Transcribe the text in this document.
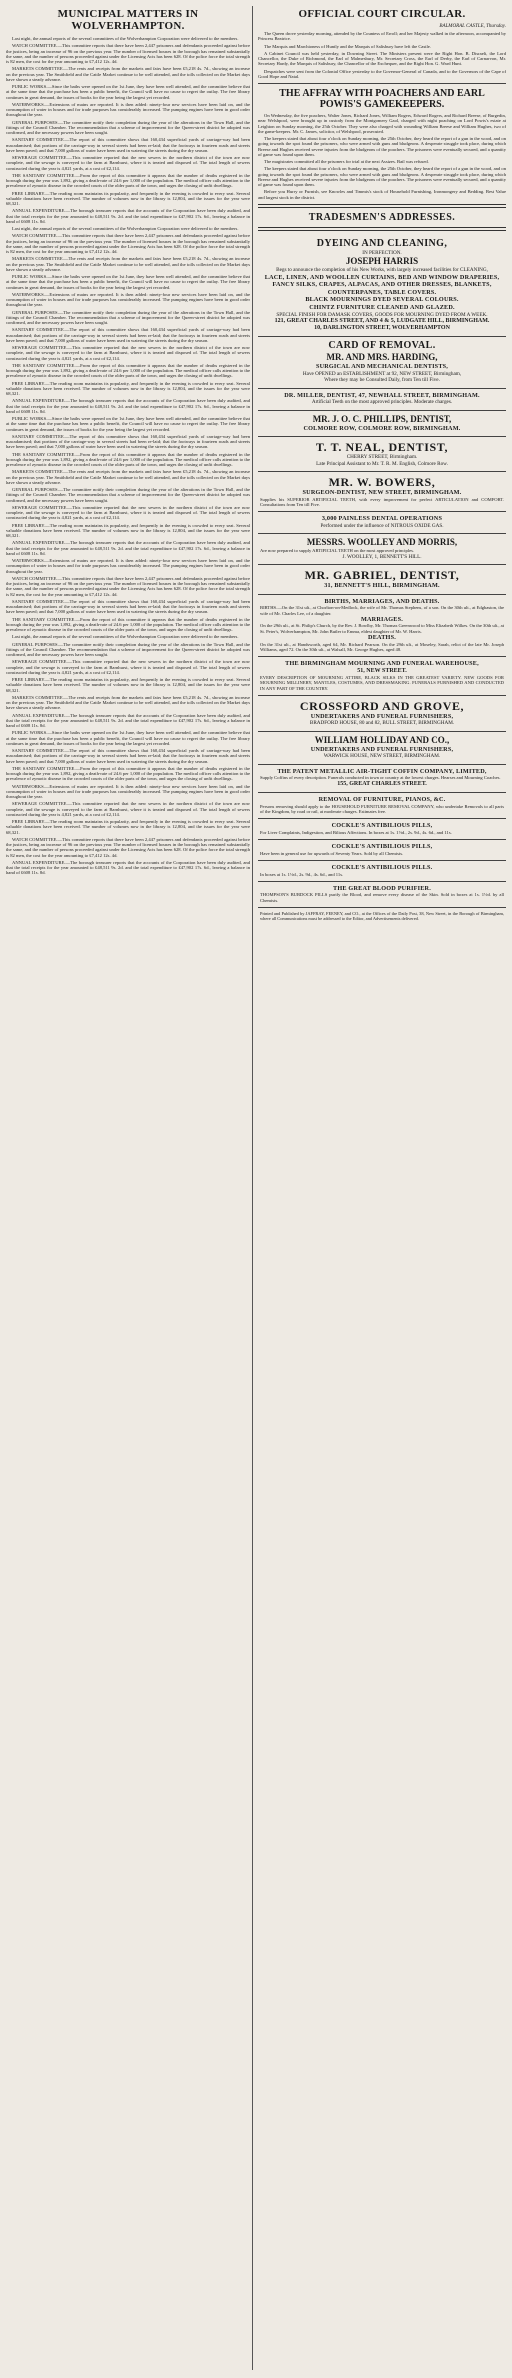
MUNICIPAL MATTERS IN WOLVERHAMPTON.

Last night, the annual reports of the several committees of the Wolverhampton Corporation were delivered to the members.

WATCH COMMITTEE.—This committee reports that there have been 2,447 prisoners and defendants proceeded against before the justices, being an increase of 96 on the previous year. The number of licensed houses in the borough has remained substantially the same, and the number of persons proceeded against under the Licensing Acts has been 628. Of the police force the total strength is 82 men, the cost for the year amounting to £7,412 12s. 4d.

MARKETS COMMITTEE.—The rents and receipts from the markets and fairs have been £5,218 4s. 7d., showing an increase on the previous year. The Smithfield and the Cattle Market continue to be well attended, and the tolls collected on the Market days have shown a steady advance.

PUBLIC WORKS.—Since the baths were opened on the 1st June, they have been well attended, and the committee believe that at the same time that the purchase has been a public benefit, the Council will have no cause to regret the outlay. The free library continues in great demand, the issues of books for the year being the largest yet recorded.

WATERWORKS.—Extensions of mains are reported. It is then added: ninety-four new services have been laid on, and the consumption of water in houses and for trade purposes has considerably increased. The pumping engines have been in good order throughout the year.

GENERAL PURPOSES.—The committee notify their completion during the year of the alterations in the Town Hall, and the fittings of the Council Chamber. The recommendation that a scheme of improvement for the Queen-street district be adopted was confirmed, and the necessary powers have been sought.

SANITARY COMMITTEE.—The report of this committee shows that 160,434 superficial yards of carriage-way had been macadamised; that portions of the carriage-way in several streets had been re-laid; that the footways in fourteen roads and streets have been paved; and that 7,000 gallons of water have been used in watering the streets during the dry season.

SEWERAGE COMMITTEE.—This committee reported that the new sewers in the northern district of the town are now complete, and the sewage is conveyed to the farm at Barnhurst, where it is treated and disposed of. The total length of sewers constructed during the year is 4,821 yards, at a cost of £2,114.

THE SANITARY COMMITTEE.—From the report of this committee it appears that the number of deaths registered in the borough during the year was 1,892, giving a death-rate of 24.6 per 1,000 of the population. The medical officer calls attention to the prevalence of zymotic disease in the crowded courts of the older parts of the town, and urges the closing of unfit dwellings.

FREE LIBRARY.—The reading room maintains its popularity, and frequently in the evening is crowded to every seat. Several valuable donations have been received. The number of volumes now in the library is 12,804, and the issues for the year were 68,321.

ANNUAL EXPENDITURE.—The borough treasurer reports that the accounts of the Corporation have been duly audited, and that the total receipts for the year amounted to £48,511 9s. 2d. and the total expenditure to £47,902 17s. 6d., leaving a balance in hand of £608 11s. 8d.

Last night, the annual reports of the several committees of the Wolverhampton Corporation were delivered to the members.

WATCH COMMITTEE.—This committee reports that there have been 2,447 prisoners and defendants proceeded against before the justices, being an increase of 96 on the previous year. The number of licensed houses in the borough has remained substantially the same, and the number of persons proceeded against under the Licensing Acts has been 628. Of the police force the total strength is 82 men, the cost for the year amounting to £7,412 12s. 4d.

MARKETS COMMITTEE.—The rents and receipts from the markets and fairs have been £5,218 4s. 7d., showing an increase on the previous year. The Smithfield and the Cattle Market continue to be well attended, and the tolls collected on the Market days have shown a steady advance.

PUBLIC WORKS.—Since the baths were opened on the 1st June, they have been well attended, and the committee believe that at the same time that the purchase has been a public benefit, the Council will have no cause to regret the outlay. The free library continues in great demand, the issues of books for the year being the largest yet recorded.

WATERWORKS.—Extensions of mains are reported. It is then added: ninety-four new services have been laid on, and the consumption of water in houses and for trade purposes has considerably increased. The pumping engines have been in good order throughout the year.

GENERAL PURPOSES.—The committee notify their completion during the year of the alterations in the Town Hall, and the fittings of the Council Chamber. The recommendation that a scheme of improvement for the Queen-street district be adopted was confirmed, and the necessary powers have been sought.

SANITARY COMMITTEE.—The report of this committee shows that 160,434 superficial yards of carriage-way had been macadamised; that portions of the carriage-way in several streets had been re-laid; that the footways in fourteen roads and streets have been paved; and that 7,000 gallons of water have been used in watering the streets during the dry season.

SEWERAGE COMMITTEE.—This committee reported that the new sewers in the northern district of the town are now complete, and the sewage is conveyed to the farm at Barnhurst, where it is treated and disposed of. The total length of sewers constructed during the year is 4,821 yards, at a cost of £2,114.

THE SANITARY COMMITTEE.—From the report of this committee it appears that the number of deaths registered in the borough during the year was 1,892, giving a death-rate of 24.6 per 1,000 of the population. The medical officer calls attention to the prevalence of zymotic disease in the crowded courts of the older parts of the town, and urges the closing of unfit dwellings.

FREE LIBRARY.—The reading room maintains its popularity, and frequently in the evening is crowded to every seat. Several valuable donations have been received. The number of volumes now in the library is 12,804, and the issues for the year were 68,321.

ANNUAL EXPENDITURE.—The borough treasurer reports that the accounts of the Corporation have been duly audited, and that the total receipts for the year amounted to £48,511 9s. 2d. and the total expenditure to £47,902 17s. 6d., leaving a balance in hand of £608 11s. 8d.

PUBLIC WORKS.—Since the baths were opened on the 1st June, they have been well attended, and the committee believe that at the same time that the purchase has been a public benefit, the Council will have no cause to regret the outlay. The free library continues in great demand, the issues of books for the year being the largest yet recorded.

SANITARY COMMITTEE.—The report of this committee shows that 160,434 superficial yards of carriage-way had been macadamised; that portions of the carriage-way in several streets had been re-laid; that the footways in fourteen roads and streets have been paved; and that 7,000 gallons of water have been used in watering the streets during the dry season.

THE SANITARY COMMITTEE.—From the report of this committee it appears that the number of deaths registered in the borough during the year was 1,892, giving a death-rate of 24.6 per 1,000 of the population. The medical officer calls attention to the prevalence of zymotic disease in the crowded courts of the older parts of the town, and urges the closing of unfit dwellings.

MARKETS COMMITTEE.—The rents and receipts from the markets and fairs have been £5,218 4s. 7d., showing an increase on the previous year. The Smithfield and the Cattle Market continue to be well attended, and the tolls collected on the Market days have shown a steady advance.

GENERAL PURPOSES.—The committee notify their completion during the year of the alterations in the Town Hall, and the fittings of the Council Chamber. The recommendation that a scheme of improvement for the Queen-street district be adopted was confirmed, and the necessary powers have been sought.

SEWERAGE COMMITTEE.—This committee reported that the new sewers in the northern district of the town are now complete, and the sewage is conveyed to the farm at Barnhurst, where it is treated and disposed of. The total length of sewers constructed during the year is 4,821 yards, at a cost of £2,114.

FREE LIBRARY.—The reading room maintains its popularity, and frequently in the evening is crowded to every seat. Several valuable donations have been received. The number of volumes now in the library is 12,804, and the issues for the year were 68,321.

ANNUAL EXPENDITURE.—The borough treasurer reports that the accounts of the Corporation have been duly audited, and that the total receipts for the year amounted to £48,511 9s. 2d. and the total expenditure to £47,902 17s. 6d., leaving a balance in hand of £608 11s. 8d.

WATERWORKS.—Extensions of mains are reported. It is then added: ninety-four new services have been laid on, and the consumption of water in houses and for trade purposes has considerably increased. The pumping engines have been in good order throughout the year.

WATCH COMMITTEE.—This committee reports that there have been 2,447 prisoners and defendants proceeded against before the justices, being an increase of 96 on the previous year. The number of licensed houses in the borough has remained substantially the same, and the number of persons proceeded against under the Licensing Acts has been 628. Of the police force the total strength is 82 men, the cost for the year amounting to £7,412 12s. 4d.

SANITARY COMMITTEE.—The report of this committee shows that 160,434 superficial yards of carriage-way had been macadamised; that portions of the carriage-way in several streets had been re-laid; that the footways in fourteen roads and streets have been paved; and that 7,000 gallons of water have been used in watering the streets during the dry season.

THE SANITARY COMMITTEE.—From the report of this committee it appears that the number of deaths registered in the borough during the year was 1,892, giving a death-rate of 24.6 per 1,000 of the population. The medical officer calls attention to the prevalence of zymotic disease in the crowded courts of the older parts of the town, and urges the closing of unfit dwellings.

Last night, the annual reports of the several committees of the Wolverhampton Corporation were delivered to the members.

GENERAL PURPOSES.—The committee notify their completion during the year of the alterations in the Town Hall, and the fittings of the Council Chamber. The recommendation that a scheme of improvement for the Queen-street district be adopted was confirmed, and the necessary powers have been sought.

SEWERAGE COMMITTEE.—This committee reported that the new sewers in the northern district of the town are now complete, and the sewage is conveyed to the farm at Barnhurst, where it is treated and disposed of. The total length of sewers constructed during the year is 4,821 yards, at a cost of £2,114.

FREE LIBRARY.—The reading room maintains its popularity, and frequently in the evening is crowded to every seat. Several valuable donations have been received. The number of volumes now in the library is 12,804, and the issues for the year were 68,321.

MARKETS COMMITTEE.—The rents and receipts from the markets and fairs have been £5,218 4s. 7d., showing an increase on the previous year. The Smithfield and the Cattle Market continue to be well attended, and the tolls collected on the Market days have shown a steady advance.

ANNUAL EXPENDITURE.—The borough treasurer reports that the accounts of the Corporation have been duly audited, and that the total receipts for the year amounted to £48,511 9s. 2d. and the total expenditure to £47,902 17s. 6d., leaving a balance in hand of £608 11s. 8d.

PUBLIC WORKS.—Since the baths were opened on the 1st June, they have been well attended, and the committee believe that at the same time that the purchase has been a public benefit, the Council will have no cause to regret the outlay. The free library continues in great demand, the issues of books for the year being the largest yet recorded.

SANITARY COMMITTEE.—The report of this committee shows that 160,434 superficial yards of carriage-way had been macadamised; that portions of the carriage-way in several streets had been re-laid; that the footways in fourteen roads and streets have been paved; and that 7,000 gallons of water have been used in watering the streets during the dry season.

THE SANITARY COMMITTEE.—From the report of this committee it appears that the number of deaths registered in the borough during the year was 1,892, giving a death-rate of 24.6 per 1,000 of the population. The medical officer calls attention to the prevalence of zymotic disease in the crowded courts of the older parts of the town, and urges the closing of unfit dwellings.

WATERWORKS.—Extensions of mains are reported. It is then added: ninety-four new services have been laid on, and the consumption of water in houses and for trade purposes has considerably increased. The pumping engines have been in good order throughout the year.

SEWERAGE COMMITTEE.—This committee reported that the new sewers in the northern district of the town are now complete, and the sewage is conveyed to the farm at Barnhurst, where it is treated and disposed of. The total length of sewers constructed during the year is 4,821 yards, at a cost of £2,114.

FREE LIBRARY.—The reading room maintains its popularity, and frequently in the evening is crowded to every seat. Several valuable donations have been received. The number of volumes now in the library is 12,804, and the issues for the year were 68,321.

WATCH COMMITTEE.—This committee reports that there have been 2,447 prisoners and defendants proceeded against before the justices, being an increase of 96 on the previous year. The number of licensed houses in the borough has remained substantially the same, and the number of persons proceeded against under the Licensing Acts has been 628. Of the police force the total strength is 82 men, the cost for the year amounting to £7,412 12s. 4d.

ANNUAL EXPENDITURE.—The borough treasurer reports that the accounts of the Corporation have been duly audited, and that the total receipts for the year amounted to £48,511 9s. 2d. and the total expenditure to £47,902 17s. 6d., leaving a balance in hand of £608 11s. 8d.

OFFICIAL COURT CIRCULAR.
BALMORAL CASTLE, Thursday.

The Queen drove yesterday morning, attended by the Countess of Erroll; and her Majesty walked in the afternoon, accompanied by Princess Beatrice.

The Marquis and Marchioness of Huntly and the Marquis of Salisbury have left the Castle.

A Cabinet Council was held yesterday, in Downing Street. The Ministers present were the Right Hon. B. Disraeli, the Lord Chancellor, the Duke of Richmond, the Earl of Malmesbury, Mr. Secretary Cross, the Earl of Derby, the Earl of Carnarvon, Mr. Secretary Hardy, the Marquis of Salisbury, the Chancellor of the Exchequer, and the Right Hon. G. Ward Hunt.

Despatches were sent from the Colonial Office yesterday to the Governor-General of Canada, and to the Governors of the Cape of Good Hope and Natal.

THE AFFRAY WITH POACHERS AND EARL POWIS'S GAMEKEEPERS.

On Wednesday, the five poachers, Walter Jones, Richard Jones, William Rogers, Edward Rogers, and Richard Breese, of Burgedin, near Welshpool, were brought up in custody from the Montgomery Gaol, charged with night poaching on Lord Powis's estate at Leighton on Sunday morning, the 25th October. They were also charged with wounding William Breese and William Hughes, two of the game-keepers. Mr. C. James, solicitor, of Welshpool, prosecuted.

The keepers stated that about four o'clock on Sunday morning, the 25th October, they heard the report of a gun in the wood, and on going towards the spot found the prisoners, who were armed with guns and bludgeons. A desperate struggle took place, during which Breese and Hughes received severe injuries from the bludgeons of the poachers. The prisoners were eventually secured, and a quantity of game was found upon them.

The magistrates committed all the prisoners for trial at the next Assizes. Bail was refused.

The keepers stated that about four o'clock on Sunday morning, the 25th October, they heard the report of a gun in the wood, and on going towards the spot found the prisoners, who were armed with guns and bludgeons. A desperate struggle took place, during which Breese and Hughes received severe injuries from the bludgeons of the poachers. The prisoners were eventually secured, and a quantity of game was found upon them.

Before you Hurry or Furnish, see Knowles and Timmis's stock of Household Furnishing, Ironmongery and Bedding. Best Value and largest stock in the district.

TRADESMEN'S ADDRESSES.
DYEING AND CLEANING,
IN PERFECTION.
JOSEPH HARRIS
Begs to announce the completion of his New Works, with largely increased facilities for CLEANING,
LACE, LINEN, AND WOOLLEN CURTAINS, BED AND WINDOW DRAPERIES,
FANCY SILKS, CRAPES, ALPACAS, AND OTHER DRESSES, BLANKETS, COUNTERPANES, TABLE COVERS.
BLACK MOURNINGS DYED SEVERAL COLOURS.
CHINTZ FURNITURE CLEANED AND GLAZED.
SPECIAL FINISH FOR DAMASK COVERS, GOODS FOR MOURNING DYED FROM A WEEK.
121, GREAT CHARLES STREET, AND 4 & 5, LUDGATE HILL, BIRMINGHAM.
10, DARLINGTON STREET, WOLVERHAMPTON
CARD OF REMOVAL.
MR. AND MRS. HARDING,
SURGICAL AND MECHANICAL DENTISTS,
Have OPENED an ESTABLISHMENT at 92, NEW STREET, Birmingham,
Where they may be Consulted Daily, from Ten till Five.
DR. MILLER, DENTIST, 47, NEWHALL STREET, BIRMINGHAM.
Artificial Teeth on the most approved principles. Moderate charges.
MR. J. O. C. PHILLIPS, DENTIST,
COLMORE ROW, COLMORE ROW, BIRMINGHAM.
T. T. NEAL, DENTIST,
CHERRY STREET, Birmingham.
Late Principal Assistant to Mr. T. R. M. English, Colmore Row.
MR. W. BOWERS,
SURGEON-DENTIST, NEW STREET, BIRMINGHAM.
Supplies his SUPERIOR ARTIFICIAL TEETH, with every improvement for perfect ARTICULATION and COMFORT. Consultations from Ten till Five.
3,000 PAINLESS DENTAL OPERATIONS
Performed under the influence of NITROUS OXIDE GAS.
MESSRS. WOOLLEY AND MORRIS,
Are now prepared to supply ARTIFICIAL TEETH on the most approved principles.
J. WOOLLEY, 1, BENNETT'S HILL.
MR. GABRIEL, DENTIST,
31, BENNETT'S HILL, BIRMINGHAM.
BIRTHS, MARRIAGES, AND DEATHS.
BIRTHS.—On the 31st ult., at Chorlton-on-Medlock, the wife of Mr. Thomas Stephens, of a son. On the 30th ult., at Edgbaston, the wife of Mr. Charles Lee, of a daughter.
MARRIAGES.
On the 29th ult., at St. Philip's Church, by the Rev. J. Bowlby, Mr. Thomas Greenwood to Miss Elizabeth Wilkes. On the 30th ult., at St. Peter's, Wolverhampton, Mr. John Butler to Emma, eldest daughter of Mr. W. Harris.
DEATHS.
On the 31st ult., at Handsworth, aged 64, Mr. Richard Pearson. On the 29th ult., at Moseley, Sarah, relict of the late Mr. Joseph Williams, aged 72. On the 30th ult., at Walsall, Mr. George Hughes, aged 48.
THE BIRMINGHAM MOURNING AND FUNERAL WAREHOUSE,
51, NEW STREET.
EVERY DESCRIPTION OF MOURNING ATTIRE, BLACK SILKS IN THE GREATEST VARIETY. NEW GOODS FOR MOURNING MILLINERY, MANTLES, COSTUMES, AND DRESSMAKING. FUNERALS FURNISHED AND CONDUCTED IN ANY PART OF THE COUNTRY.
CROSSFORD AND GROVE,
UNDERTAKERS AND FUNERAL FURNISHERS,
BRADFORD HOUSE, 80 and 82, BULL STREET, BIRMINGHAM.
WILLIAM HOLLIDAY AND CO.,
UNDERTAKERS AND FUNERAL FURNISHERS,
WARWICK HOUSE, NEW STREET, BIRMINGHAM.
THE PATENT METALLIC AIR-TIGHT COFFIN COMPANY, LIMITED,
Supply Coffins of every description. Funerals conducted in town or country at the lowest charges. Hearses and Mourning Coaches.
155, GREAT CHARLES STREET.
REMOVAL OF FURNITURE, PIANOS, &C.
Persons removing should apply to the HOUSEHOLD FURNITURE REMOVAL COMPANY, who undertake Removals to all parts of the Kingdom, by road or rail, at moderate charges. Estimates free.
COCKLE'S ANTIBILIOUS PILLS,
For Liver Complaints, Indigestion, and Bilious Affections. In boxes at 1s. 1½d., 2s. 9d., 4s. 6d., and 11s.
COCKLE'S ANTIBILIOUS PILLS,
Have been in general use for upwards of Seventy Years. Sold by all Chemists.
COCKLE'S ANTIBILIOUS PILLS.
In boxes at 1s. 1½d., 2s. 9d., 4s. 6d., and 11s.
THE GREAT BLOOD PURIFIER.
THOMPSON'S BURDOCK PILLS purify the Blood, and remove every disease of the Skin. Sold in boxes at 1s. 1½d. by all Chemists.
Printed and Published by JAFFRAY, FEENEY, and CO., at the Offices of the Daily Post, 38, New Street, in the Borough of Birmingham, where all Communications must be addressed to the Editor, and Advertisements delivered.
